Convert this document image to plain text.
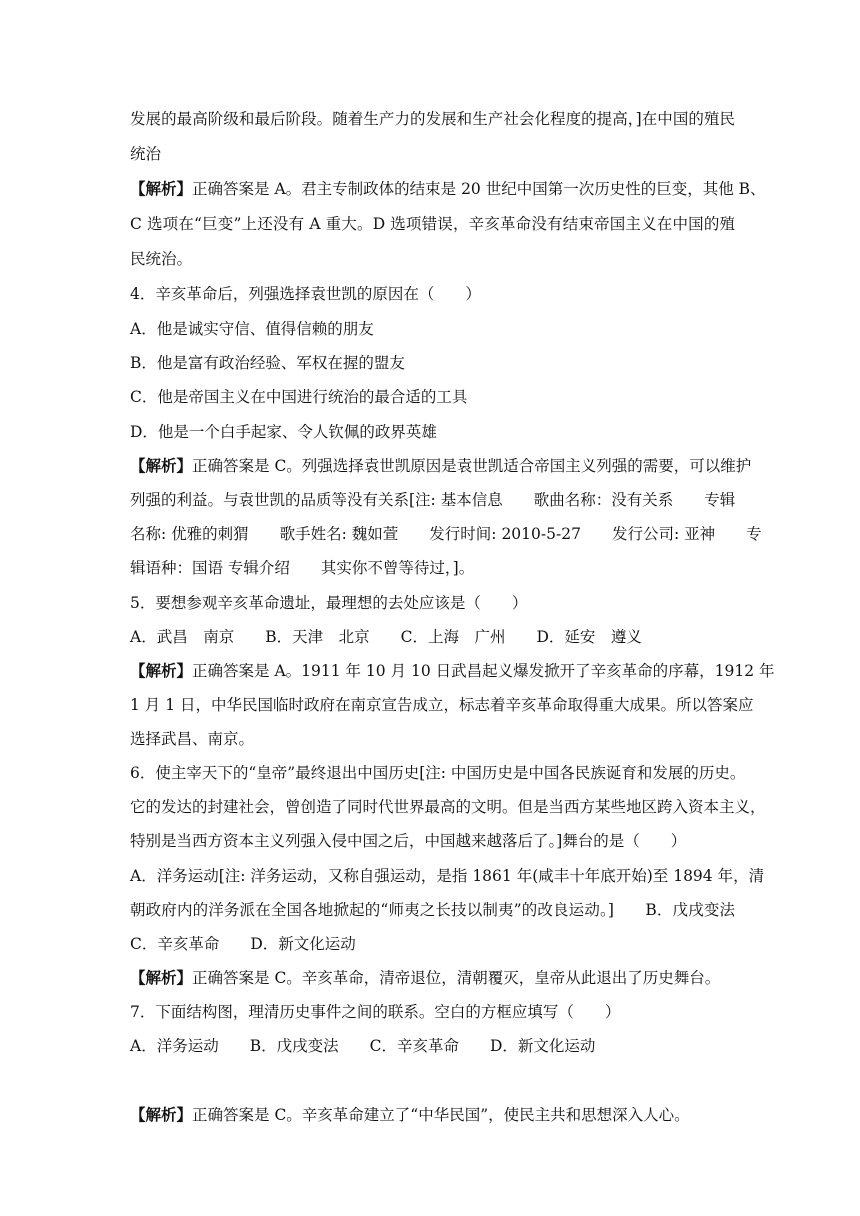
发展的最高阶级和最后阶段。随着生产力的发展和生产社会化程度的提高，]在中国的殖民
统治
【解析】正确答案是 A。君主专制政体的结束是 20 世纪中国第一次历史性的巨变，其他 B、
C 选项在“巨变”上还没有 A 重大。D 选项错误，辛亥革命没有结束帝国主义在中国的殖
民统治。
4．辛亥革命后，列强选择袁世凯的原因在（　　）
A．他是诚实守信、值得信赖的朋友
B．他是富有政治经验、军权在握的盟友
C．他是帝国主义在中国进行统治的最合适的工具
D．他是一个白手起家、令人钦佩的政界英雄
【解析】正确答案是 C。列强选择袁世凯原因是袁世凯适合帝国主义列强的需要，可以维护
列强的利益。与袁世凯的品质等没有关系[注: 基本信息　　歌曲名称：没有关系　　专辑
名称: 优雅的刺猬　　歌手姓名: 魏如萱　　发行时间: 2010-5-27　　发行公司: 亚神　　专
辑语种：国语 专辑介绍　　其实你不曾等待过，]。
5．要想参观辛亥革命遗址，最理想的去处应该是（　　）
A．武昌　南京　　B．天津　北京　　C．上海　广州　　D．延安　遵义
【解析】正确答案是 A。1911 年 10 月 10 日武昌起义爆发掀开了辛亥革命的序幕，1912 年
1 月 1 日，中华民国临时政府在南京宣告成立，标志着辛亥革命取得重大成果。所以答案应
选择武昌、南京。
6．使主宰天下的“皇帝”最终退出中国历史[注: 中国历史是中国各民族诞育和发展的历史。
它的发达的封建社会，曾创造了同时代世界最高的文明。但是当西方某些地区跨入资本主义，
特别是当西方资本主义列强入侵中国之后，中国越来越落后了。]舞台的是（　　）
A．洋务运动[注: 洋务运动，又称自强运动，是指 1861 年(咸丰十年底开始)至 1894 年，清
朝政府内的洋务派在全国各地掀起的“师夷之长技以制夷”的改良运动。]　　B．戊戌变法
C．辛亥革命　　D．新文化运动
【解析】正确答案是 C。辛亥革命，清帝退位，清朝覆灭，皇帝从此退出了历史舞台。
7．下面结构图，理清历史事件之间的联系。空白的方框应填写（　　）
A．洋务运动　　B．戊戌变法　　C．辛亥革命　　D．新文化运动
【解析】正确答案是 C。辛亥革命建立了“中华民国”，使民主共和思想深入人心。
